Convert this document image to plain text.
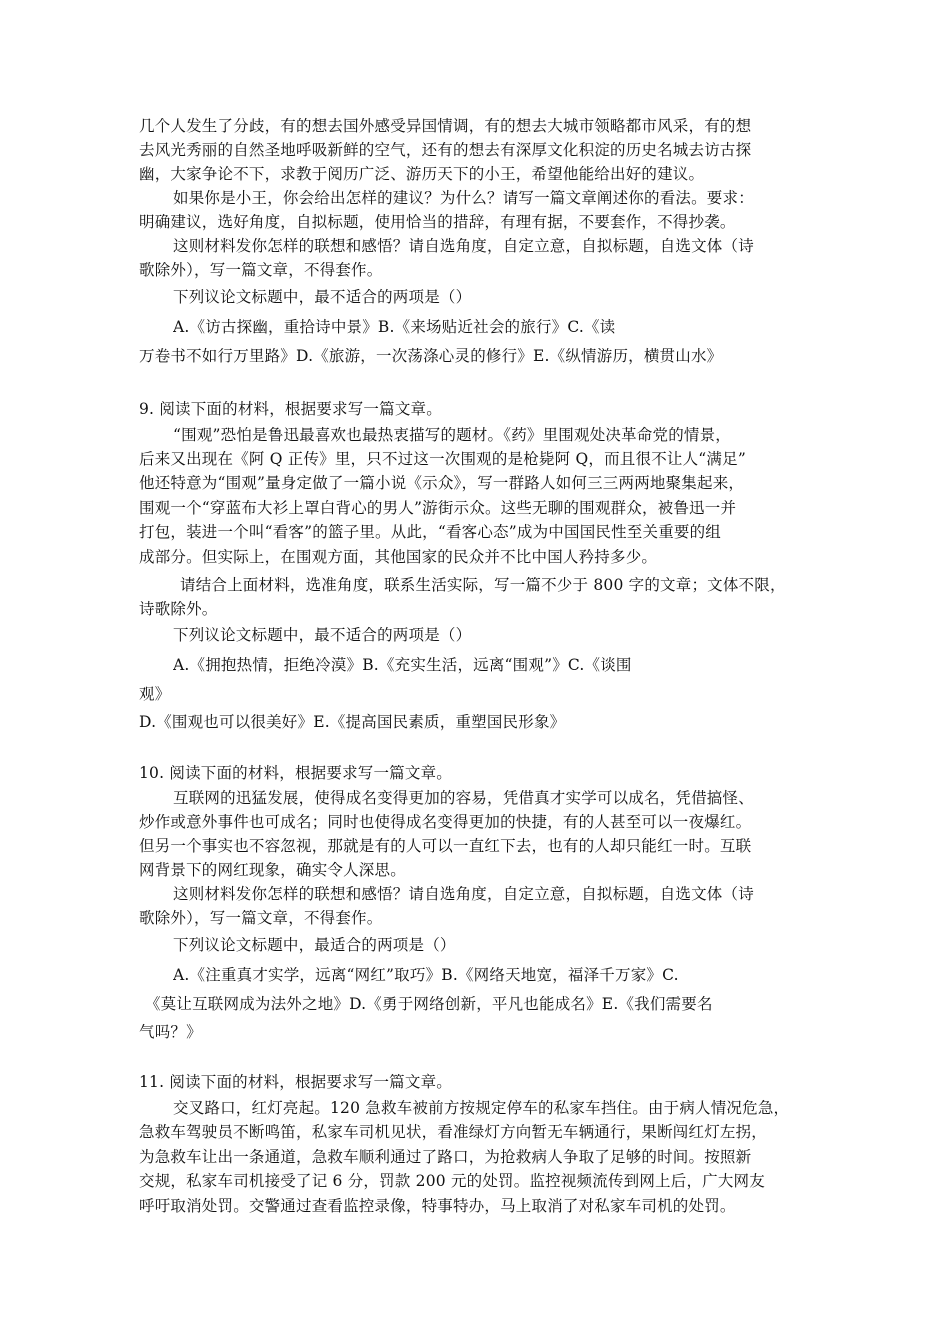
几个人发生了分歧，有的想去国外感受异国情调，有的想去大城市领略都市风采，有的想
去风光秀丽的自然圣地呼吸新鲜的空气，还有的想去有深厚文化积淀的历史名城去访古探
幽，大家争论不下，求教于阅历广泛、游历天下的小王，希望他能给出好的建议。
如果你是小王，你会给出怎样的建议？为什么？请写一篇文章阐述你的看法。要求：
明确建议，选好角度，自拟标题，使用恰当的措辞，有理有据，不要套作，不得抄袭。
这则材料发你怎样的联想和感悟？请自选角度，自定立意，自拟标题，自选文体（诗
歌除外），写一篇文章，不得套作。
下列议论文标题中，最不适合的两项是（）
A.《访古探幽，重拾诗中景》B.《来场贴近社会的旅行》C.《读
万卷书不如行万里路》D.《旅游，一次荡涤心灵的修行》E.《纵情游历，横贯山水》
9. 阅读下面的材料，根据要求写一篇文章。
“围观”恐怕是鲁迅最喜欢也最热衷描写的题材。《药》里围观处决革命党的情景，
后来又出现在《阿 Q 正传》里，只不过这一次围观的是枪毙阿 Q，而且很不让人“满足”
他还特意为“围观”量身定做了一篇小说《示众》，写一群路人如何三三两两地聚集起来，
围观一个“穿蓝布大衫上罩白背心的男人”游街示众。这些无聊的围观群众，被鲁迅一并
打包，装进一个叫“看客”的篮子里。从此，“看客心态”成为中国国民性至关重要的组
成部分。但实际上，在围观方面，其他国家的民众并不比中国人矜持多少。
请结合上面材料，选准角度，联系生活实际，写一篇不少于 800 字的文章；文体不限，
诗歌除外。
下列议论文标题中，最不适合的两项是（）
A.《拥抱热情，拒绝冷漠》B.《充实生活，远离“围观”》C.《谈围
观》
D.《围观也可以很美好》E.《提高国民素质，重塑国民形象》
10. 阅读下面的材料，根据要求写一篇文章。
互联网的迅猛发展，使得成名变得更加的容易，凭借真才实学可以成名，凭借搞怪、
炒作或意外事件也可成名；同时也使得成名变得更加的快捷，有的人甚至可以一夜爆红。
但另一个事实也不容忽视，那就是有的人可以一直红下去，也有的人却只能红一时。互联
网背景下的网红现象，确实令人深思。
这则材料发你怎样的联想和感悟？请自选角度，自定立意，自拟标题，自选文体（诗
歌除外），写一篇文章，不得套作。
下列议论文标题中，最适合的两项是（）
A.《注重真才实学，远离“网红”取巧》B.《网络天地宽，福泽千万家》C.
《莫让互联网成为法外之地》D.《勇于网络创新，平凡也能成名》E.《我们需要名
气吗？》
11. 阅读下面的材料，根据要求写一篇文章。
交叉路口，红灯亮起。120 急救车被前方按规定停车的私家车挡住。由于病人情况危急，
急救车驾驶员不断鸣笛，私家车司机见状，看准绿灯方向暂无车辆通行，果断闯红灯左拐，
为急救车让出一条通道，急救车顺利通过了路口，为抢救病人争取了足够的时间。按照新
交规，私家车司机接受了记 6 分，罚款 200 元的处罚。监控视频流传到网上后，广大网友
呼吁取消处罚。交警通过查看监控录像，特事特办，马上取消了对私家车司机的处罚。
